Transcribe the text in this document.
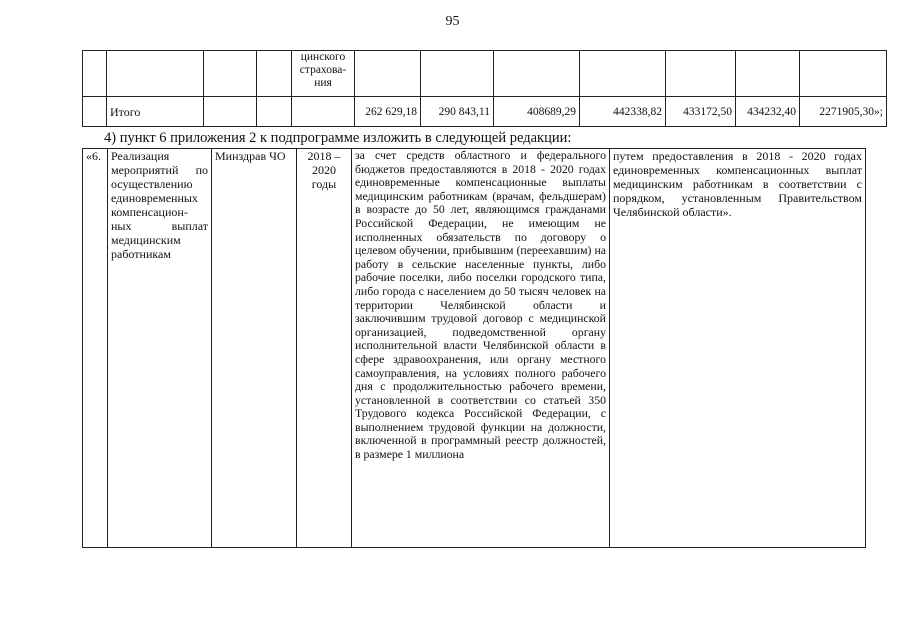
95
				цинского
страхова-
ния							
	Итого				262 629,18	290 843,11	408689,29	442338,82	433172,50	434232,40	2271905,30»;
4) пункт 6 приложения 2 к подпрограмме изложить в следующей редакции:
«6.	Реализация мероприятий по осуществлению единовременных компенсацион-ных выплат медицинским работникам	Минздрав ЧО	2018 –
2020
годы	за счет средств областного и федерального бюджетов предоставляются в 2018 - 2020 годах единовременные компенсационные выплаты медицинским работникам (врачам, фельдшерам) в возрасте до 50 лет, являющимся гражданами Российской Федерации, не имеющим не исполненных обязательств по договору о целевом обучении, прибывшим (переехавшим) на работу в сельские населенные пункты, либо рабочие поселки, либо поселки городского типа, либо города с населением до 50 тысяч человек на территории Челябинской области и заключившим трудовой договор с медицинской организацией, подведомственной органу исполнительной власти Челябинской области в сфере здравоохранения, или органу местного самоуправления, на условиях полного рабочего дня с продолжительностью рабочего времени, установленной в соответствии со статьей 350 Трудового кодекса Российской Федерации, с выполнением трудовой функции на должности, включенной в программный реестр должностей, в размере 1 миллиона	путем предоставления в 2018 - 2020 годах единовременных компенсационных выплат медицинским работникам в соответствии с порядком, установленным Правительством Челябинской области».
